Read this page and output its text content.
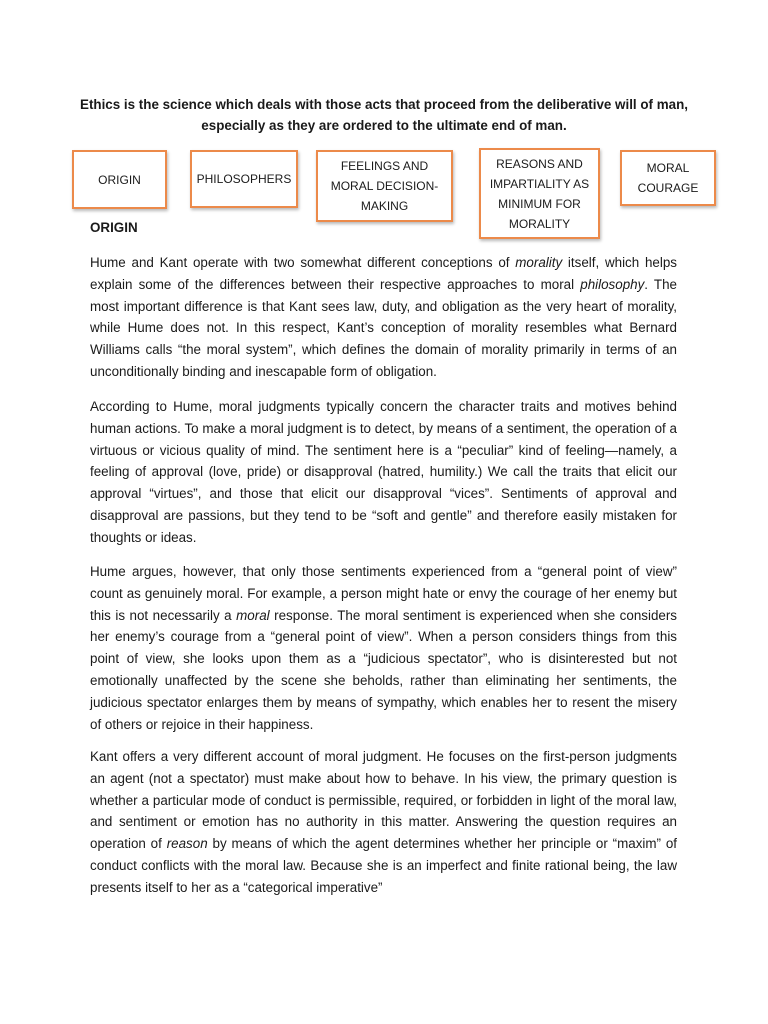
Ethics is the science which deals with those acts that proceed from the deliberative will of man, especially as they are ordered to the ultimate end of man.

ORIGIN	PHILOSOPHERS
FEELINGS AND MORAL DECISION-MAKING
REASONS AND IMPARTIALITY AS MINIMUM FOR MORALITY
MORAL COURAGE

ORIGIN

Hume and Kant operate with two somewhat different conceptions of morality itself, which helps explain some of the differences between their respective approaches to moral philosophy. The most important difference is that Kant sees law, duty, and obligation as the very heart of morality, while Hume does not. In this respect, Kant’s conception of morality resembles what Bernard Williams calls “the moral system”, which defines the domain of morality primarily in terms of an unconditionally binding and inescapable form of obligation.

According to Hume, moral judgments typically concern the character traits and motives behind human actions. To make a moral judgment is to detect, by means of a sentiment, the operation of a virtuous or vicious quality of mind. The sentiment here is a “peculiar” kind of feeling—namely, a feeling of approval (love, pride) or disapproval (hatred, humility.) We call the traits that elicit our approval “virtues”, and those that elicit our disapproval “vices”. Sentiments of approval and disapproval are passions, but they tend to be “soft and gentle” and therefore easily mistaken for thoughts or ideas.

Hume argues, however, that only those sentiments experienced from a “general point of view” count as genuinely moral. For example, a person might hate or envy the courage of her enemy but this is not necessarily a moral response. The moral sentiment is experienced when she considers her enemy’s courage from a “general point of view”. When a person considers things from this point of view, she looks upon them as a “judicious spectator”, who is disinterested but not emotionally unaffected by the scene she beholds, rather than eliminating her sentiments, the judicious spectator enlarges them by means of sympathy, which enables her to resent the misery of others or rejoice in their happiness.

Kant offers a very different account of moral judgment. He focuses on the first-person judgments an agent (not a spectator) must make about how to behave. In his view, the primary question is whether a particular mode of conduct is permissible, required, or forbidden in light of the moral law, and sentiment or emotion has no authority in this matter. Answering the question requires an operation of reason by means of which the agent determines whether her principle or “maxim” of conduct conflicts with the moral law. Because she is an imperfect and finite rational being, the law presents itself to her as a “categorical imperative”
